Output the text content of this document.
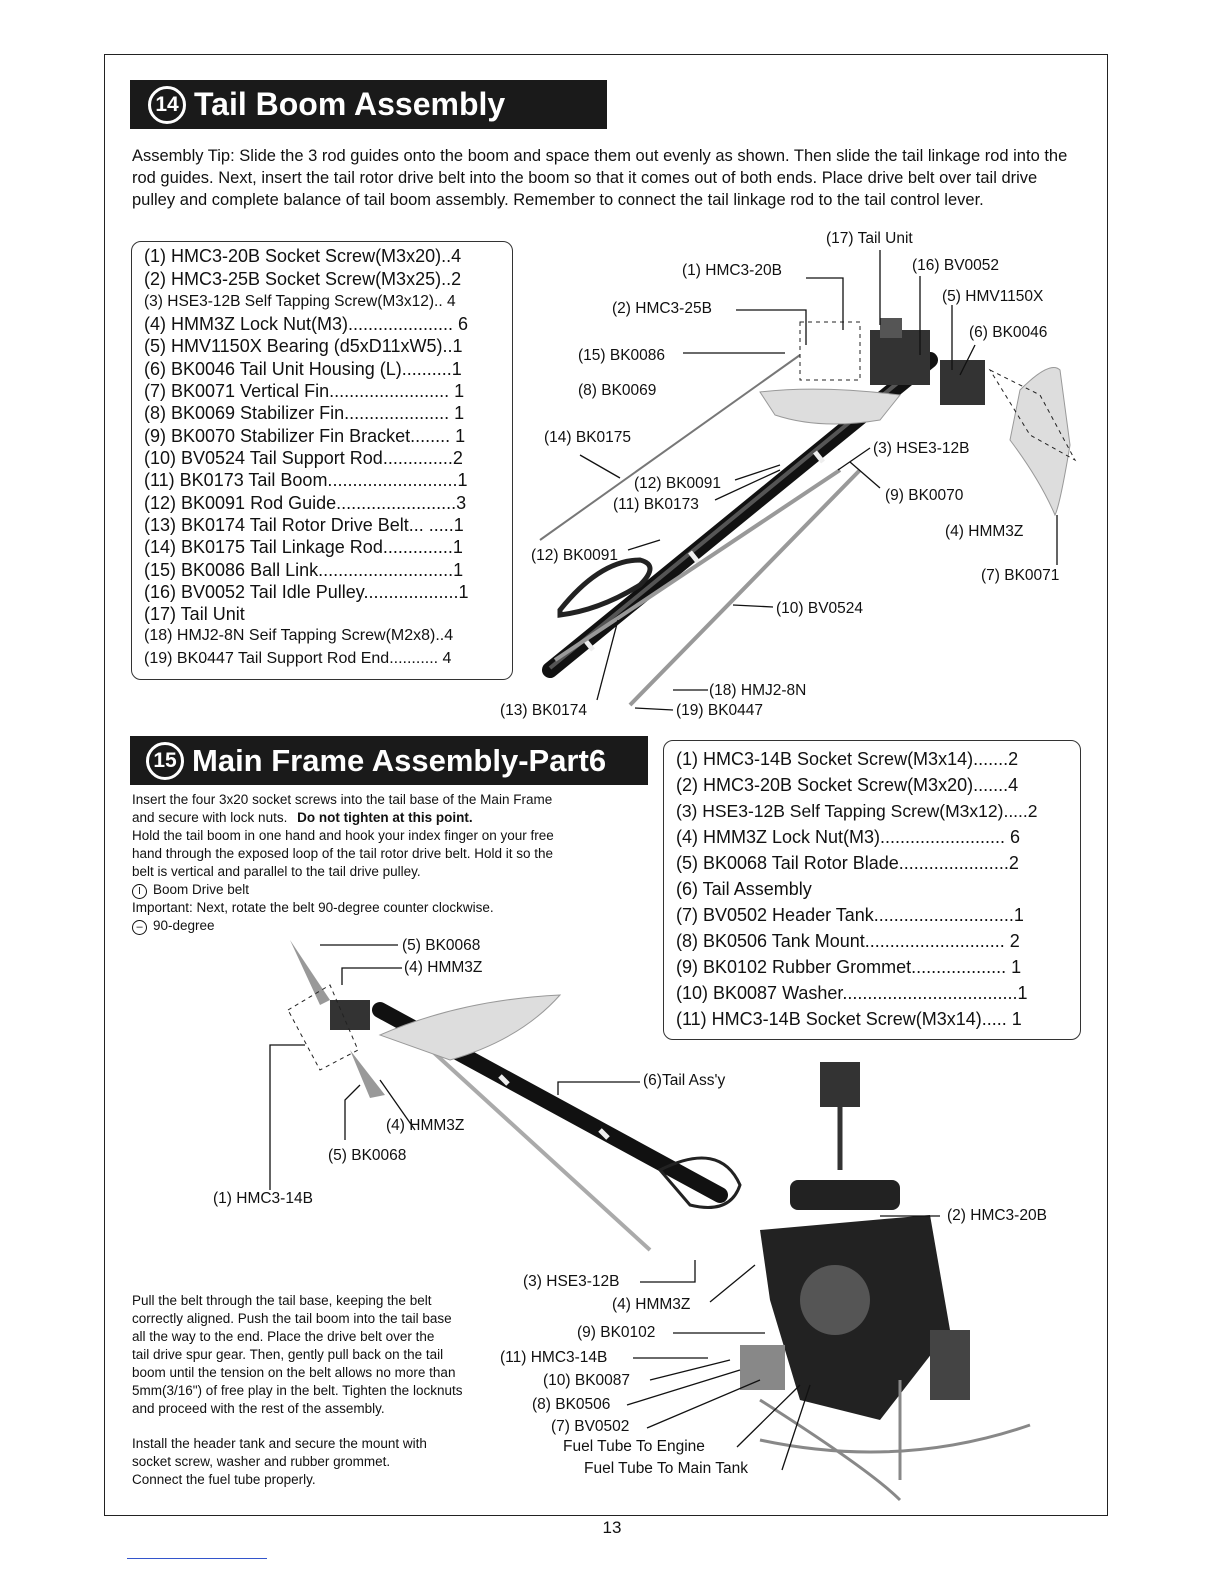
14 Tail Boom Assembly
Assembly Tip: Slide the 3 rod guides onto the boom and space them out evenly as shown. Then slide the tail linkage rod into the rod guides. Next, insert the tail rotor drive belt into the boom so that it comes out of both ends. Place drive belt over tail drive pulley and complete balance of tail boom assembly. Remember to connect the tail linkage rod to the tail control lever.
(1) HMC3-20B Socket Screw(M3x20)..4
(2) HMC3-25B Socket Screw(M3x25)..2
(3) HSE3-12B Self Tapping Screw(M3x12).. 4
(4) HMM3Z Lock Nut(M3)..................... 6
(5) HMV1150X Bearing (d5xD11xW5)..1
(6) BK0046 Tail Unit Housing (L)..........1
(7) BK0071 Vertical Fin........................ 1
(8) BK0069 Stabilizer Fin..................... 1
(9) BK0070 Stabilizer Fin Bracket........ 1
(10) BV0524 Tail Support Rod..............2
(11) BK0173 Tail Boom..........................1
(12) BK0091 Rod Guide........................3
(13) BK0174 Tail Rotor Drive Belt... .....1
(14) BK0175 Tail Linkage Rod..............1
(15) BK0086 Ball Link...........................1
(16) BV0052 Tail Idle Pulley...................1
(17) Tail Unit
(18) HMJ2-8N Seif Tapping Screw(M2x8)..4
(19) BK0447 Tail Support Rod End........... 4
(17) Tail Unit
(1) HMC3-20B	(16) BV0052
(5) HMV1150X
(2) HMC3-25B
(6) BK0046
(15) BK0086
(8) BK0069
(14) BK0175
(3) HSE3-12B
(12) BK0091
(11) BK0173
(9) BK0070
(4) HMM3Z
(12) BK0091
(7) BK0071
(10) BV0524
(18) HMJ2-8N
(13) BK0174	(19) BK0447
15 Main Frame Assembly-Part6
Insert the four 3x20 socket screws into the tail base of the Main Frame
and secure with lock nuts. Do not tighten at this point.
Hold the tail boom in one hand and hook your index finger on your free
hand through the exposed loop of the tail rotor drive belt. Hold it so the
belt is vertical and parallel to the tail drive pulley.
I Boom Drive belt
Important: Next, rotate the belt 90-degree counter clockwise.
– 90-degree
(1) HMC3-14B Socket Screw(M3x14).......2
(2) HMC3-20B Socket Screw(M3x20).......4
(3) HSE3-12B Self Tapping Screw(M3x12).....2
(4) HMM3Z Lock Nut(M3)......................... 6
(5) BK0068 Tail Rotor Blade......................2
(6) Tail Assembly
(7) BV0502 Header Tank............................1
(8) BK0506 Tank Mount............................ 2
(9) BK0102 Rubber Grommet................... 1
(10) BK0087 Washer...................................1
(11) HMC3-14B Socket Screw(M3x14)..... 1
(5) BK0068
(4) HMM3Z
(6)Tail Ass'y
(4) HMM3Z
(5) BK0068
(1) HMC3-14B
(2) HMC3-20B
(3) HSE3-12B
(4) HMM3Z
(9) BK0102
(11) HMC3-14B
(10) BK0087
(8) BK0506
(7) BV0502
Fuel Tube To Engine
Fuel Tube To Main Tank
Pull the belt through the tail base, keeping the belt
correctly aligned. Push the tail boom into the tail base
all the way to the end. Place the drive belt over the
tail drive spur gear. Then, gently pull back on the tail
boom until the tension on the belt allows no more than
5mm(3/16") of free play in the belt. Tighten the locknuts
and proceed with the rest of the assembly.
Install the header tank and secure the mount with
socket screw, washer and rubber grommet.
Connect the fuel tube properly.
13
